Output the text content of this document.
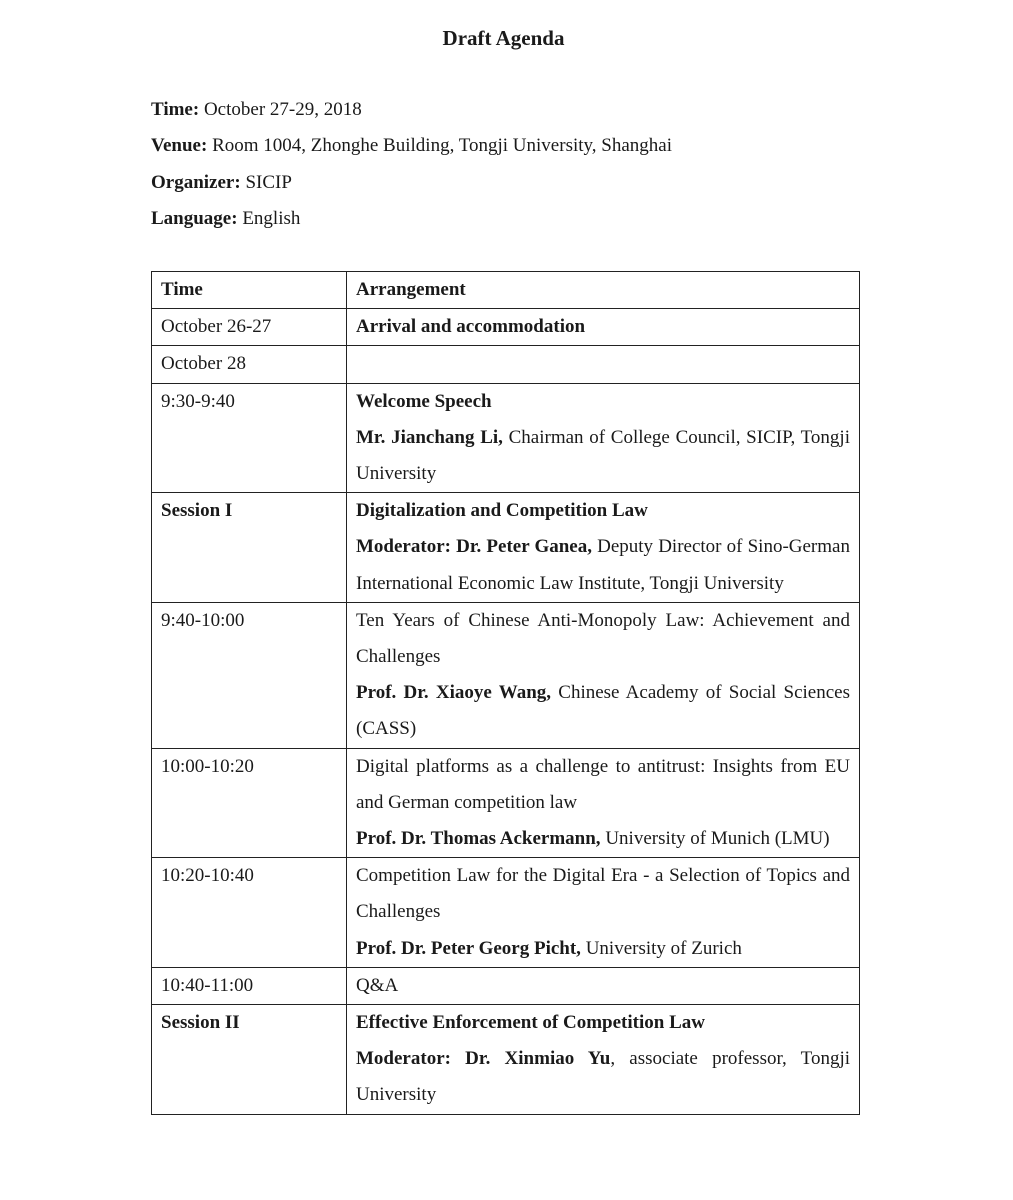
Draft Agenda
Time: October 27-29, 2018
Venue: Room 1004, Zhonghe Building, Tongji University, Shanghai
Organizer: SICIP
Language: English
Time	Arrangement
October 26-27	Arrival and accommodation
October 28	
9:30-9:40	Welcome Speech
Mr. Jianchang Li, Chairman of College Council, SICIP, Tongji University
Session I	Digitalization and Competition Law
Moderator: Dr. Peter Ganea, Deputy Director of Sino-German International Economic Law Institute, Tongji University
9:40-10:00	Ten Years of Chinese Anti-Monopoly Law: Achievement and Challenges
Prof. Dr. Xiaoye Wang, Chinese Academy of Social Sciences (CASS)
10:00-10:20	Digital platforms as a challenge to antitrust: Insights from EU and German competition law
Prof. Dr. Thomas Ackermann, University of Munich (LMU)
10:20-10:40	Competition Law for the Digital Era - a Selection of Topics and Challenges
Prof. Dr. Peter Georg Picht, University of Zurich
10:40-11:00	Q&A
Session II	Effective Enforcement of Competition Law
Moderator: Dr. Xinmiao Yu, associate professor, Tongji University
